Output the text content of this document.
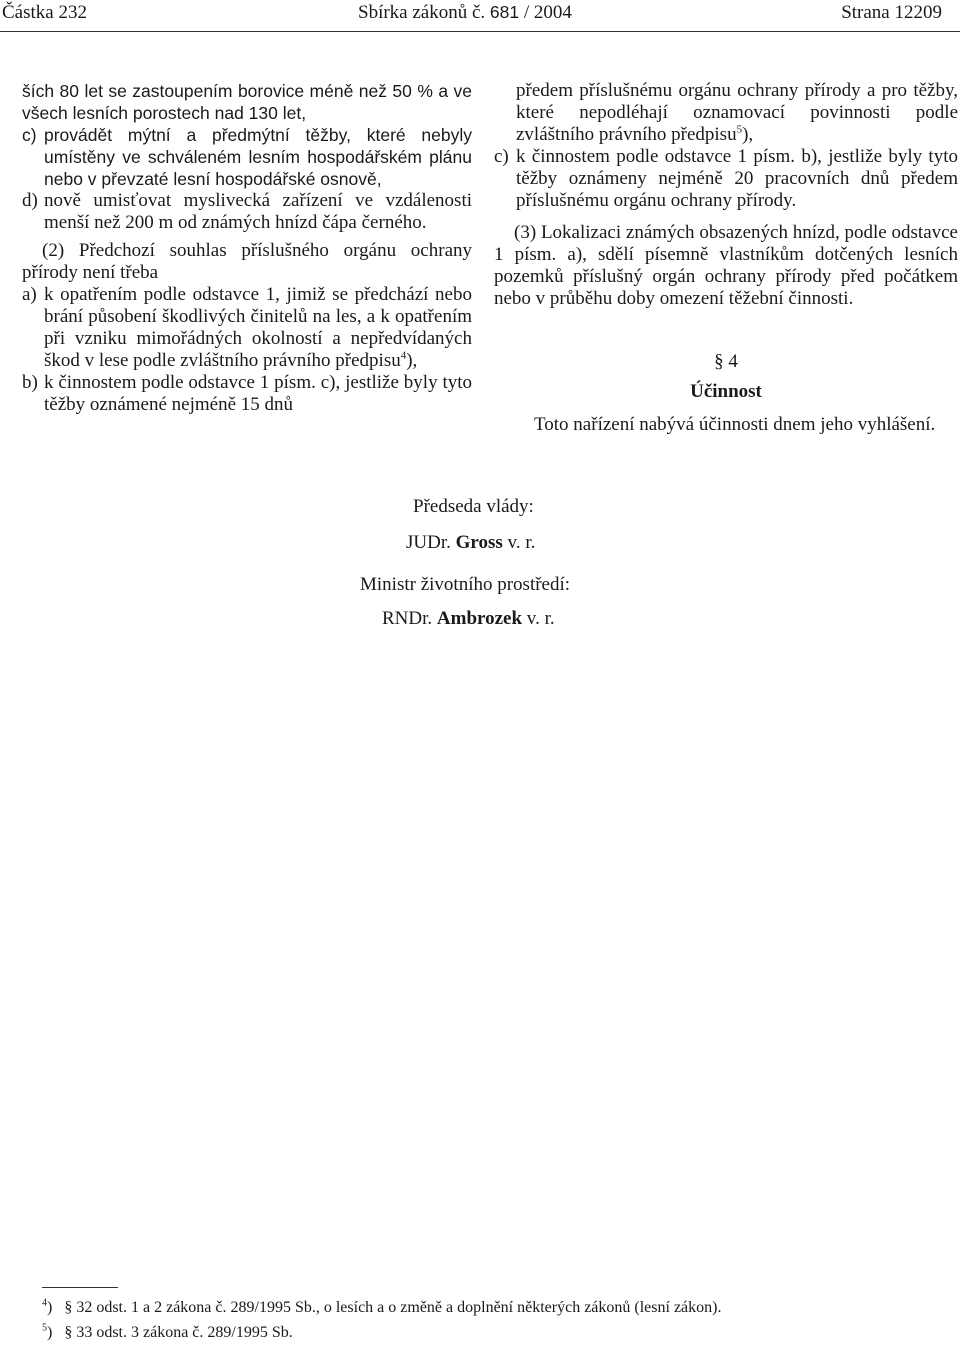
Částka 232	Sbírka zákonů č. 681 / 2004	Strana 12209

ších 80 let se zastoupením borovice méně než 50 % a ve všech lesních porostech nad 130 let,

c) provádět mýtní a předmýtní těžby, které nebyly umístěny ve schváleném lesním hospodářském plánu nebo v převzaté lesní hospodářské osnově,
d) nově umisťovat myslivecká zařízení ve vzdálenosti menší než 200 m od známých hnízd čápa černého.

(2) Předchozí souhlas příslušného orgánu ochrany přírody není třeba

a) k opatřením podle odstavce 1, jimiž se předchází nebo brání působení škodlivých činitelů na les, a k opatřením při vzniku mimořádných okolností a nepředvídaných škod v lese podle zvláštního právního předpisu$^4$),
b) k činnostem podle odstavce 1 písm. c), jestliže byly tyto těžby oznámené nejméně 15 dnů

předem příslušnému orgánu ochrany přírody a pro těžby, které nepodléhají oznamovací povinnosti podle zvláštního právního předpisu$^5$),

c) k činnostem podle odstavce 1 písm. b), jestliže byly tyto těžby oznámeny nejméně 20 pracovních dnů předem příslušnému orgánu ochrany přírody.

(3) Lokalizaci známých obsazených hnízd, podle odstavce 1 písm. a), sdělí písemně vlastníkům dotčených lesních pozemků příslušný orgán ochrany přírody před počátkem nebo v průběhu doby omezení těžební činnosti.

§ 4
Účinnost

Toto nařízení nabývá účinnosti dnem jeho vyhlášení.

Předseda vlády:
JUDr. Gross v. r.
Ministr životního prostředí:
RNDr. Ambrozek v. r.
$^4$) § 32 odst. 1 a 2 zákona č. 289/1995 Sb., o lesích a o změně a doplnění některých zákonů (lesní zákon).
$^5$) § 33 odst. 3 zákona č. 289/1995 Sb.
